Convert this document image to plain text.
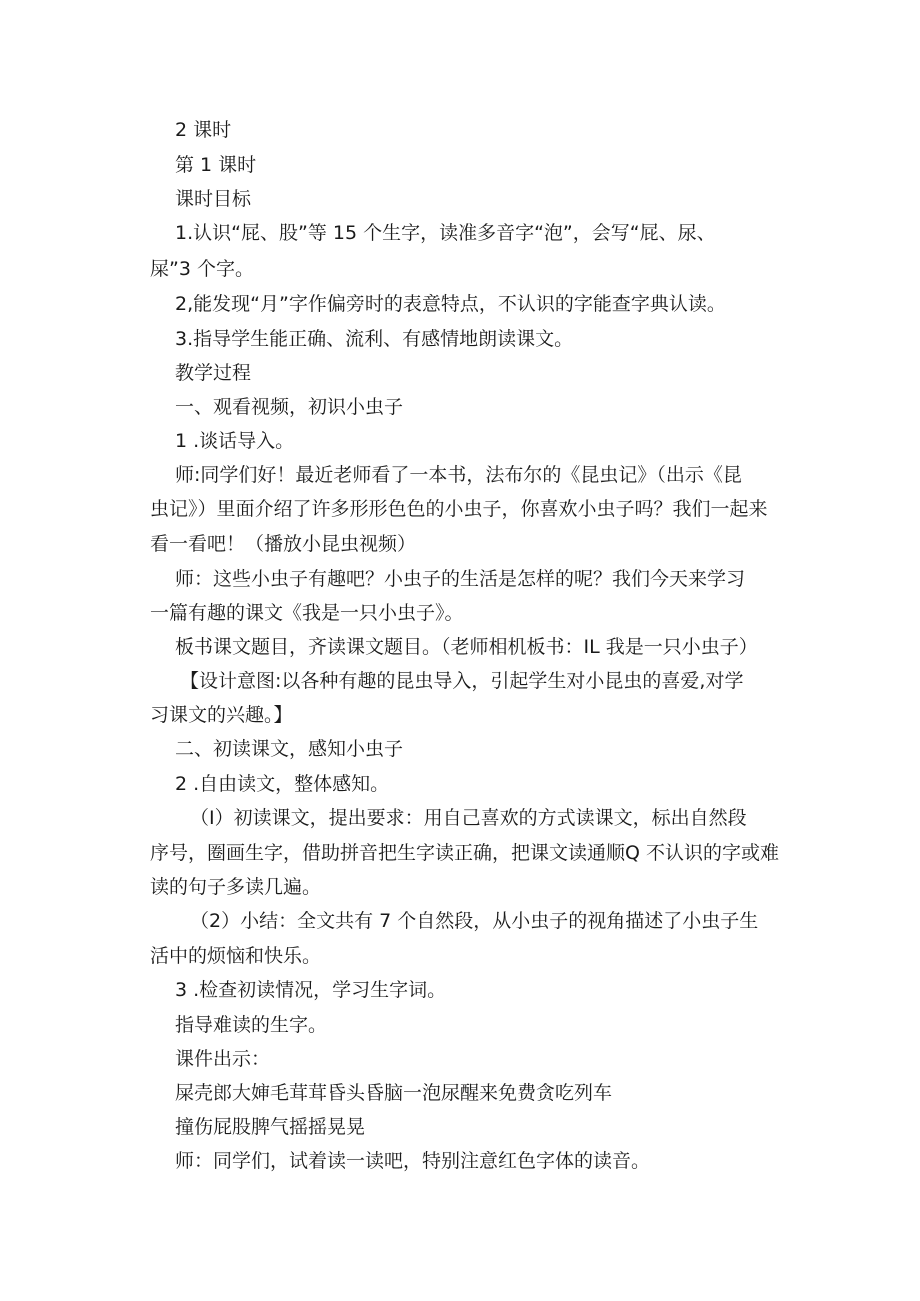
2 课时
第 1 课时
课时目标
1.认识“屁、股”等 15 个生字，读准多音字“泡”，会写“屁、尿、
屎”3 个字。
2,能发现“月”字作偏旁时的表意特点，不认识的字能查字典认读。
3.指导学生能正确、流利、有感情地朗读课文。
教学过程
一、观看视频，初识小虫子
1 .谈话导入。
师:同学们好！最近老师看了一本书，法布尔的《昆虫记》（出示《昆
虫记》）里面介绍了许多形形色色的小虫子，你喜欢小虫子吗？我们一起来
看一看吧！（播放小昆虫视频）
师：这些小虫子有趣吧？小虫子的生活是怎样的呢？我们今天来学习
一篇有趣的课文《我是一只小虫子》。
板书课文题目，齐读课文题目。（老师相机板书：IL 我是一只小虫子）
【设计意图:以各种有趣的昆虫导入，引起学生对小昆虫的喜爱,对学
习课文的兴趣。】
二、初读课文，感知小虫子
2 .自由读文，整体感知。
（I）初读课文，提出要求：用自己喜欢的方式读课文，标出自然段
序号，圈画生字，借助拼音把生字读正确，把课文读通顺Q 不认识的字或难
读的句子多读几遍。
（2）小结：全文共有 7 个自然段，从小虫子的视角描述了小虫子生
活中的烦恼和快乐。
3 .检查初读情况，学习生字词。
指导难读的生字。
课件出示：
屎壳郎大婶毛茸茸昏头昏脑一泡尿醒来免费贪吃列车
撞伤屁股脾气摇摇晃晃
师：同学们，试着读一读吧，特别注意红色字体的读音。
